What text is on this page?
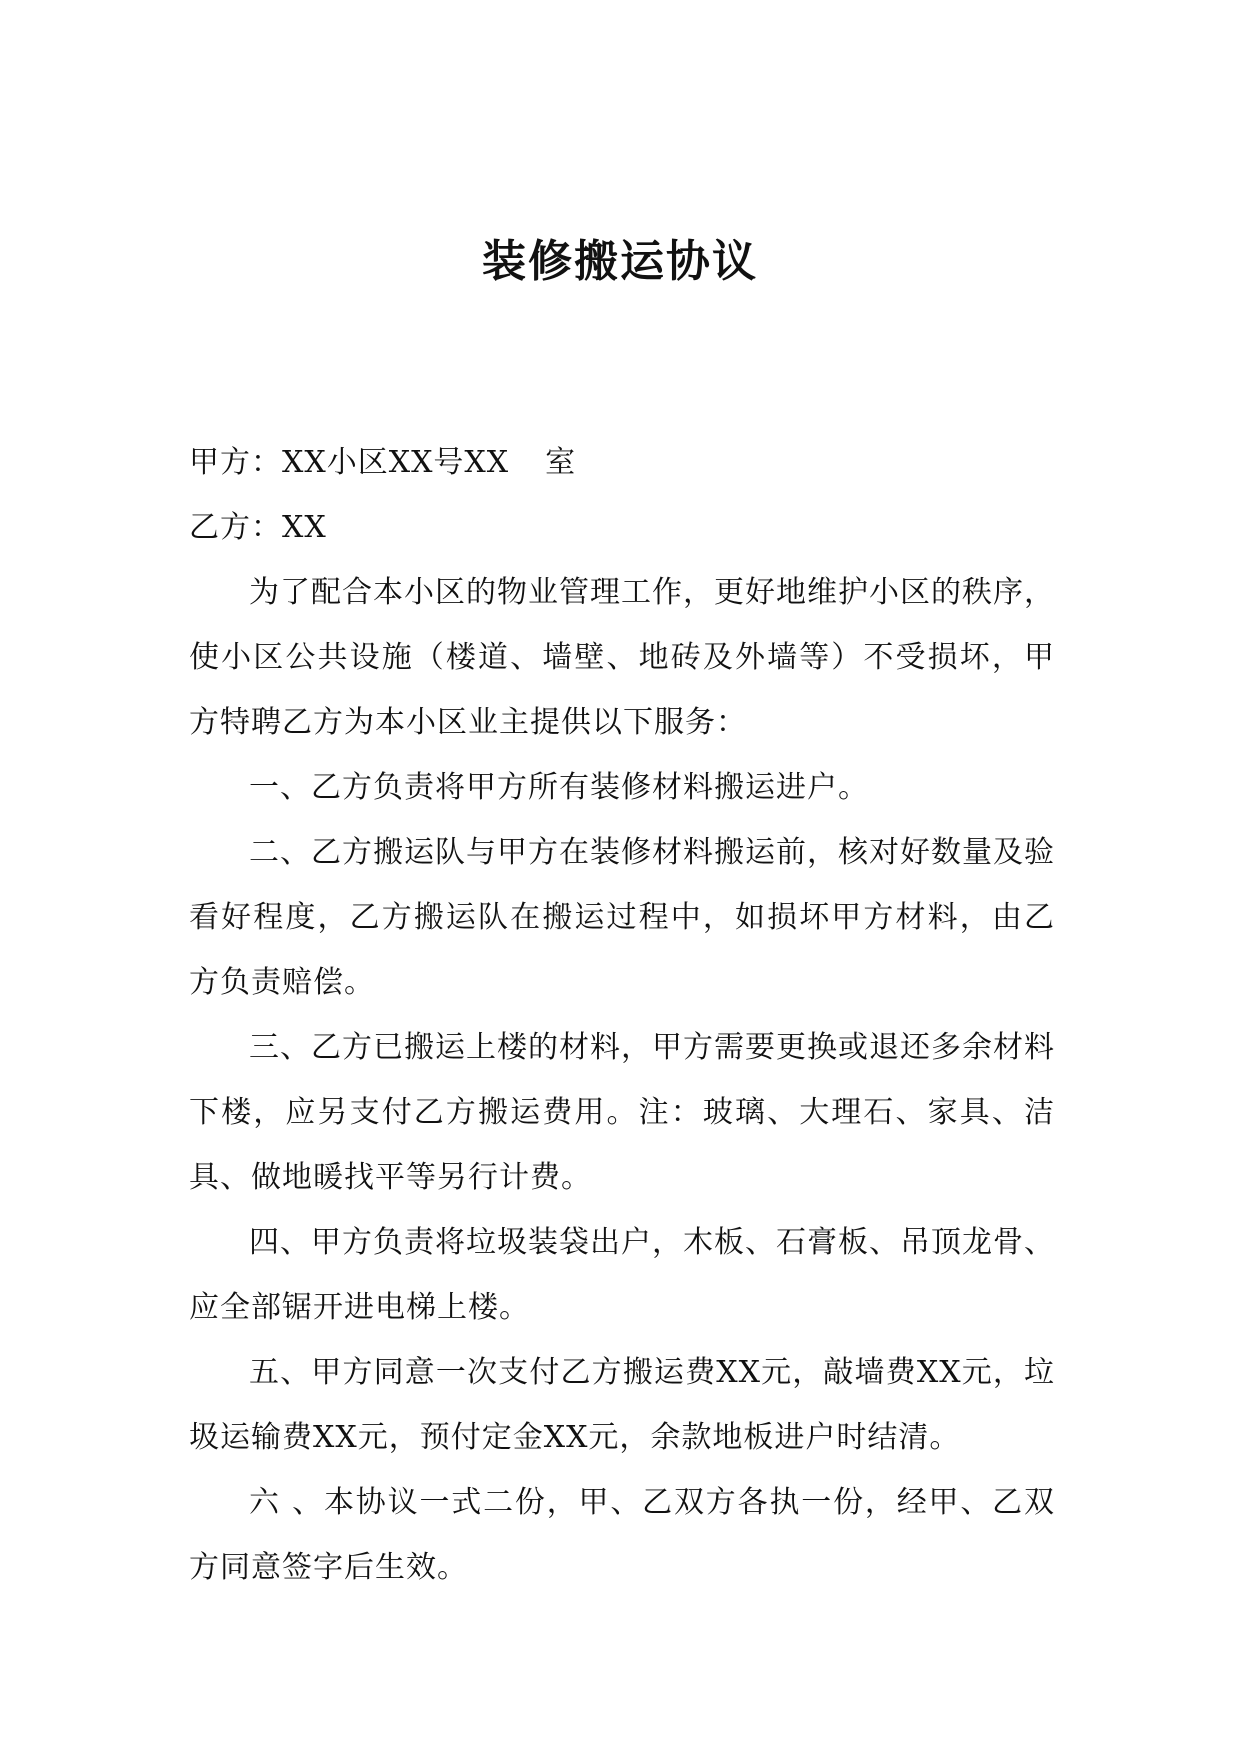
装修搬运协议

甲方：XX小区XX号XX 室

乙方：XX

为了配合本小区的物业管理工作，更好地维护小区的秩序，使小区公共设施（楼道、墙壁、地砖及外墙等）不受损坏，甲方特聘乙方为本小区业主提供以下服务：

一、乙方负责将甲方所有装修材料搬运进户。

二、乙方搬运队与甲方在装修材料搬运前，核对好数量及验看好程度，乙方搬运队在搬运过程中，如损坏甲方材料，由乙方负责赔偿。

三、乙方已搬运上楼的材料，甲方需要更换或退还多余材料下楼，应另支付乙方搬运费用。注：玻璃、大理石、家具、洁具、做地暖找平等另行计费。

四、甲方负责将垃圾装袋出户，木板、石膏板、吊顶龙骨、应全部锯开进电梯上楼。

五、甲方同意一次支付乙方搬运费XX元，敲墙费XX元，垃圾运输费XX元，预付定金XX元，余款地板进户时结清。

六 、本协议一式二份，甲、乙双方各执一份，经甲、乙双方同意签字后生效。
